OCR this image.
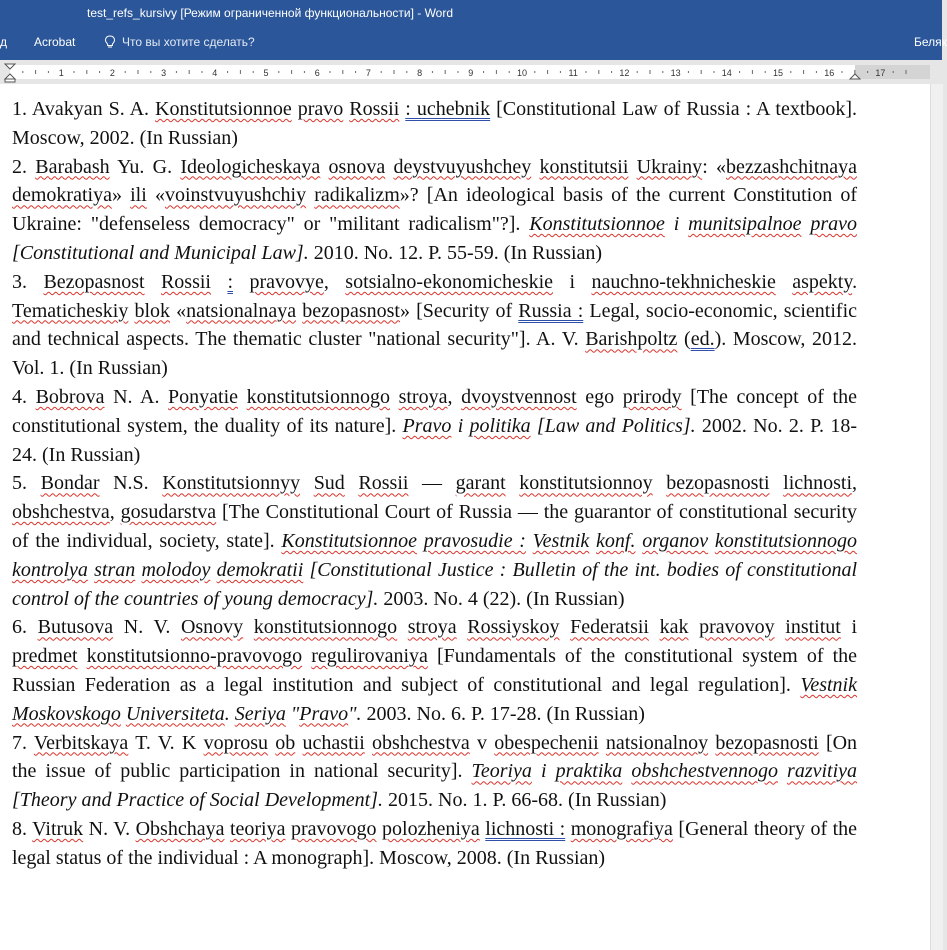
test_refs_kursivy [Режим ограниченной функциональности] - Word
д Acrobat	Что вы хотите сделать?	Беляк
1	2	3	4	5	6	7	8	9	10	11	12	13	14	15	16	17

1. Avakyan S. A. Konstitutsionnoe pravo Rossii : uchebnik [Constitutional Law of Russia : A textbook]. Moscow, 2002. (In Russian)

2. Barabash Yu. G. Ideologicheskaya osnova deystvuyushchey konstitutsii Ukrainy: «bezzashchitnaya demokratiya» ili «voinstvuyushchiy radikalizm»? [An ideological basis of the current Constitution of Ukraine: "defenseless democracy" or "militant radicalism"?]. Konstitutsionnoe i munitsipalnoe pravo [Constitutional and Municipal Law]. 2010. No. 12. P. 55-59. (In Russian)

3. Bezopasnost Rossii : pravovye, sotsialno-ekonomicheskie i nauchno-tekhnicheskie aspekty. Tematicheskiy blok «natsionalnaya bezopasnost» [Security of Russia : Legal, socio-economic, scientific and technical aspects. The thematic cluster "national security"]. A. V. Barishpoltz (ed.). Moscow, 2012. Vol. 1. (In Russian)

4. Bobrova N. A. Ponyatie konstitutsionnogo stroya, dvoystvennost ego prirody [The concept of the constitutional system, the duality of its nature]. Pravo i politika [Law and Politics]. 2002. No. 2. P. 18-24. (In Russian)

5. Bondar N.S. Konstitutsionnyy Sud Rossii — garant konstitutsionnoy bezopasnosti lichnosti, obshchestva, gosudarstva [The Constitutional Court of Russia — the guarantor of constitutional security of the individual, society, state]. Konstitutsionnoe pravosudie : Vestnik konf. organov konstitutsionnogo kontrolya stran molodoy demokratii [Constitutional Justice : Bulletin of the int. bodies of constitutional control of the countries of young democracy]. 2003. No. 4 (22). (In Russian)

6. Butusova N. V. Osnovy konstitutsionnogo stroya Rossiyskoy Federatsii kak pravovoy institut i predmet konstitutsionno-pravovogo regulirovaniya [Fundamentals of the constitutional system of the Russian Federation as a legal institution and subject of constitutional and legal regulation]. Vestnik Moskovskogo Universiteta. Seriya "Pravo". 2003. No. 6. P. 17-28. (In Russian)

7. Verbitskaya T. V. K voprosu ob uchastii obshchestva v obespechenii natsionalnoy bezopasnosti [On the issue of public participation in national security]. Teoriya i praktika obshchestvennogo razvitiya [Theory and Practice of Social Development]. 2015. No. 1. P. 66-68. (In Russian)

8. Vitruk N. V. Obshchaya teoriya pravovogo polozheniya lichnosti : monografiya [General theory of the legal status of the individual : A monograph]. Moscow, 2008. (In Russian)
